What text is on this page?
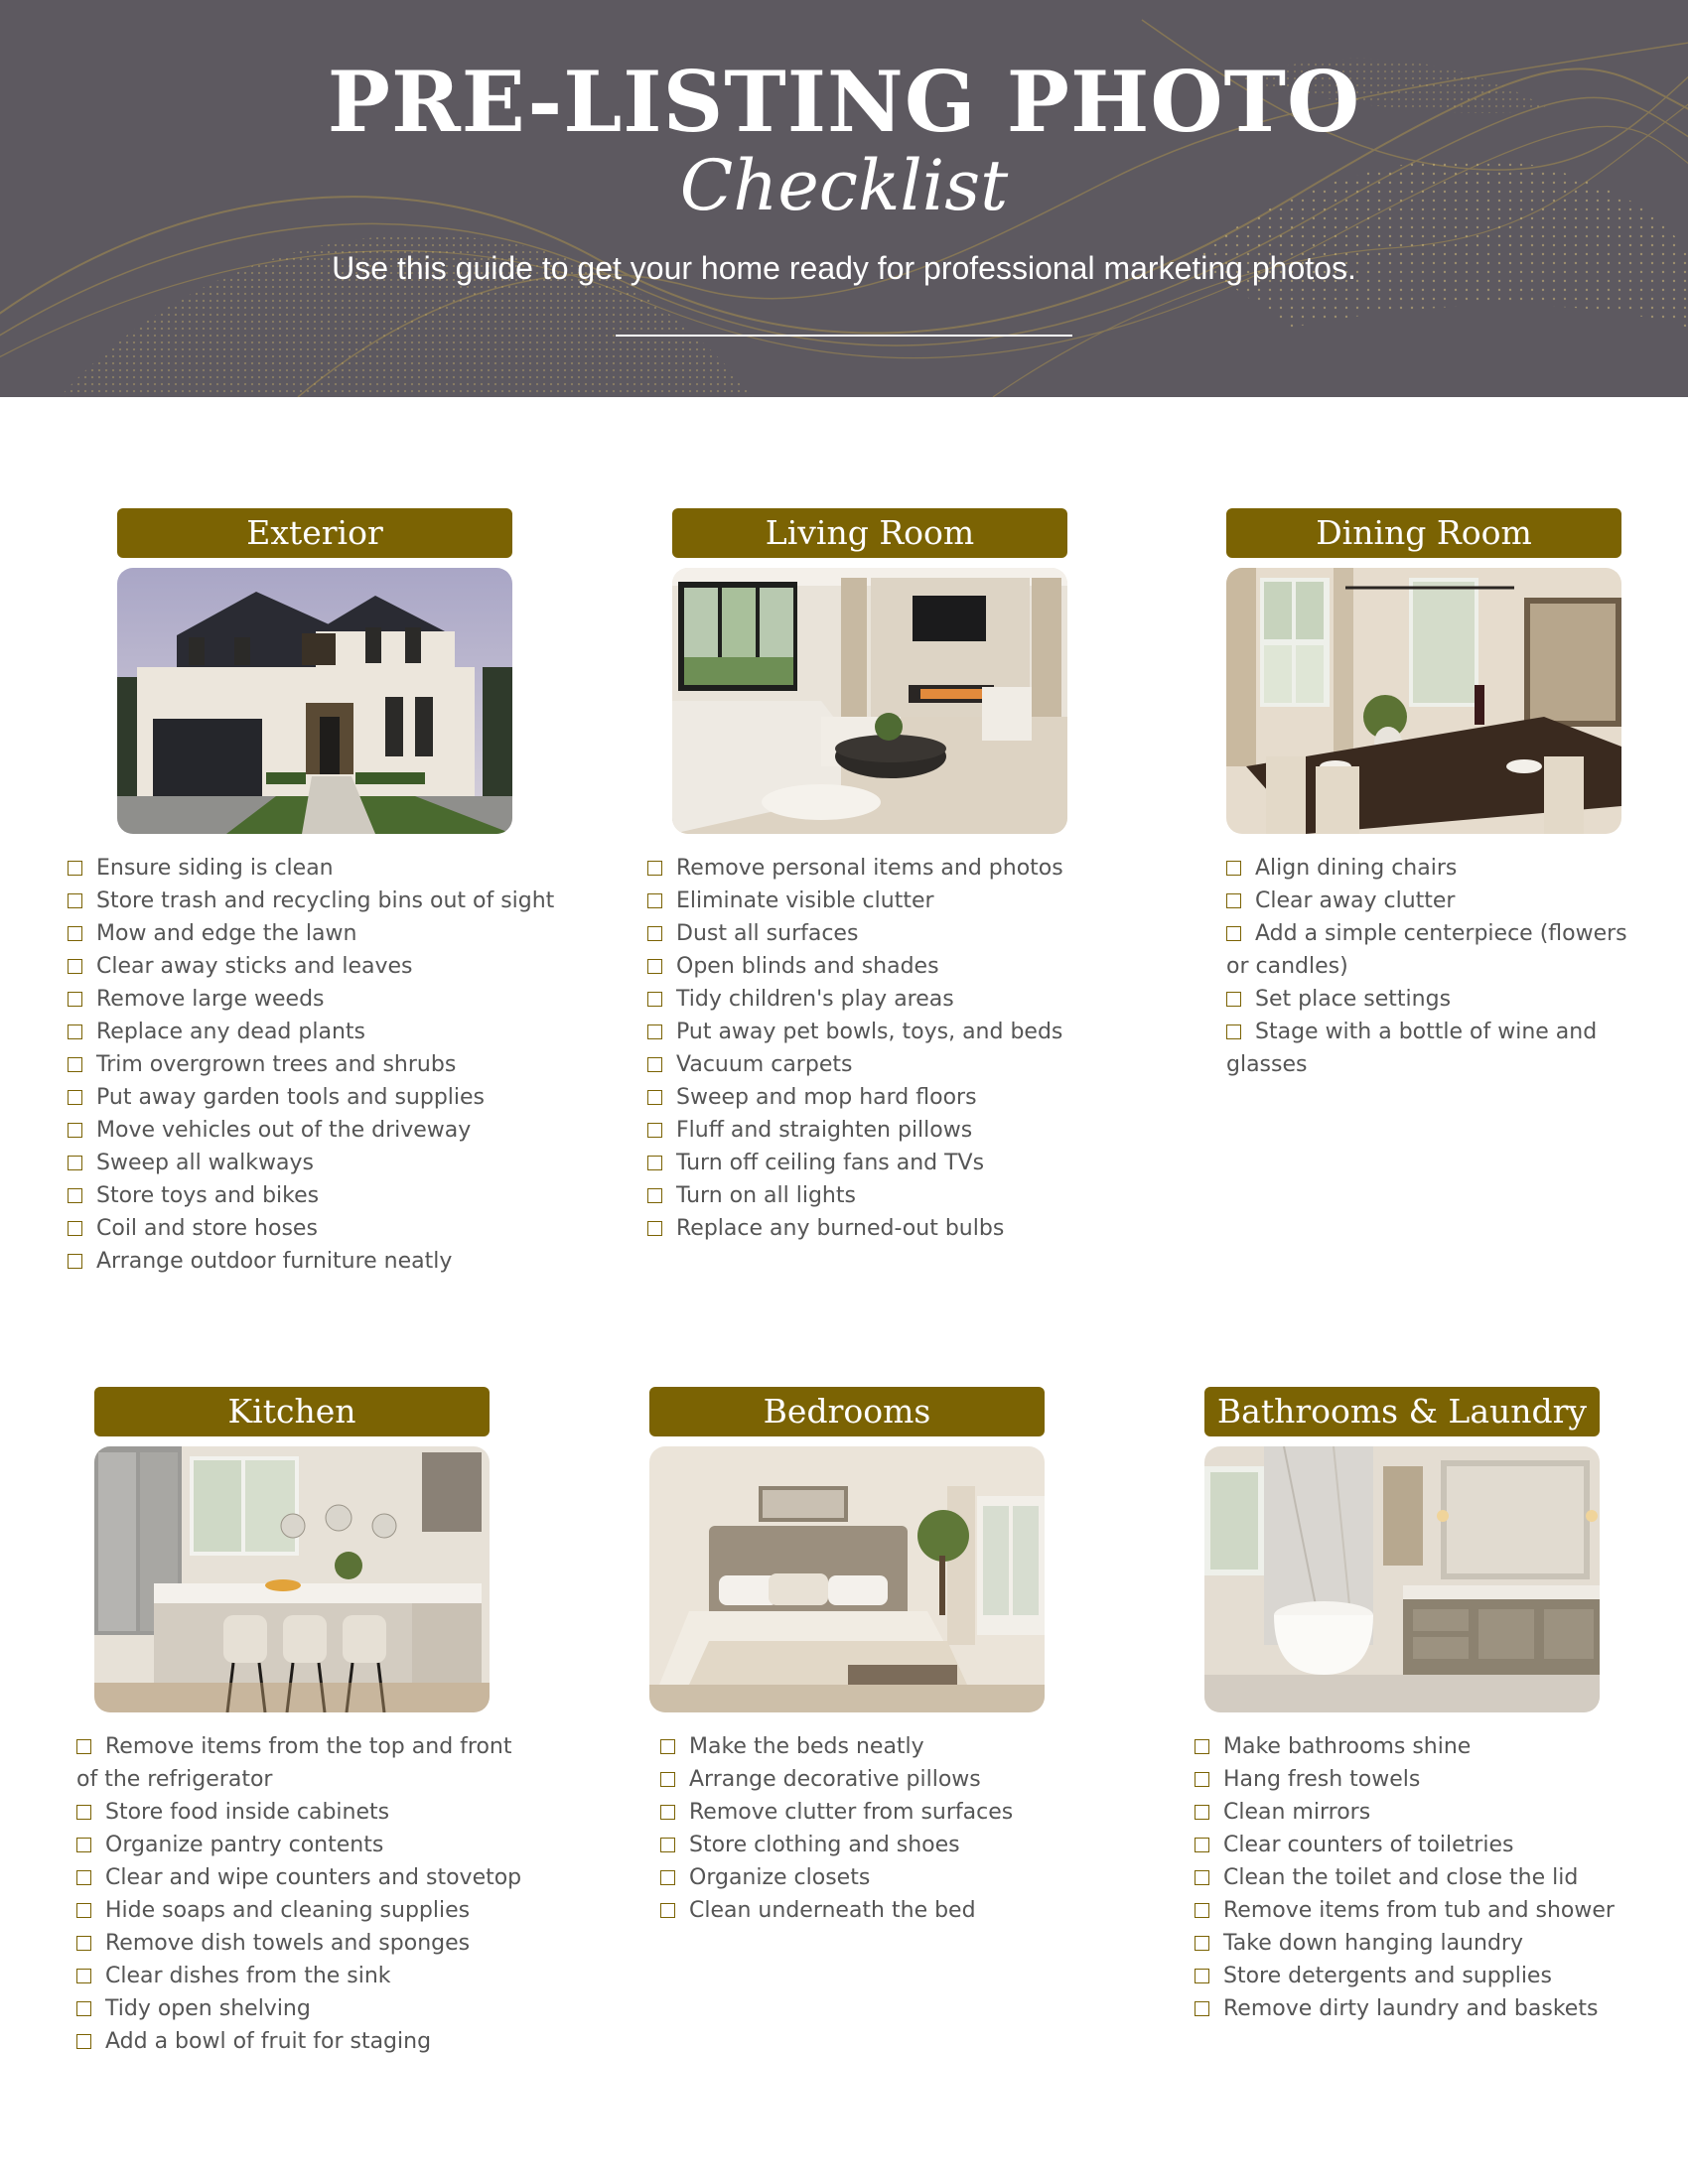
PRE-LISTING PHOTO
Checklist
Use this guide to get your home ready for professional marketing photos.
Exterior
Ensure siding is clean
Store trash and recycling bins out of sight
Mow and edge the lawn
Clear away sticks and leaves
Remove large weeds
Replace any dead plants
Trim overgrown trees and shrubs
Put away garden tools and supplies
Move vehicles out of the driveway
Sweep all walkways
Store toys and bikes
Coil and store hoses
Arrange outdoor furniture neatly
Living Room
Remove personal items and photos
Eliminate visible clutter
Dust all surfaces
Open blinds and shades
Tidy children's play areas
Put away pet bowls, toys, and beds
Vacuum carpets
Sweep and mop hard floors
Fluff and straighten pillows
Turn off ceiling fans and TVs
Turn on all lights
Replace any burned-out bulbs
Dining Room
Align dining chairs
Clear away clutter
Add a simple centerpiece (flowers or candles)
Set place settings
Stage with a bottle of wine and glasses
Kitchen
Remove items from the top and front of the refrigerator
Store food inside cabinets
Organize pantry contents
Clear and wipe counters and stovetop
Hide soaps and cleaning supplies
Remove dish towels and sponges
Clear dishes from the sink
Tidy open shelving
Add a bowl of fruit for staging
Bedrooms
Make the beds neatly
Arrange decorative pillows
Remove clutter from surfaces
Store clothing and shoes
Organize closets
Clean underneath the bed
Bathrooms & Laundry
Make bathrooms shine
Hang fresh towels
Clean mirrors
Clear counters of toiletries
Clean the toilet and close the lid
Remove items from tub and shower
Take down hanging laundry
Store detergents and supplies
Remove dirty laundry and baskets
